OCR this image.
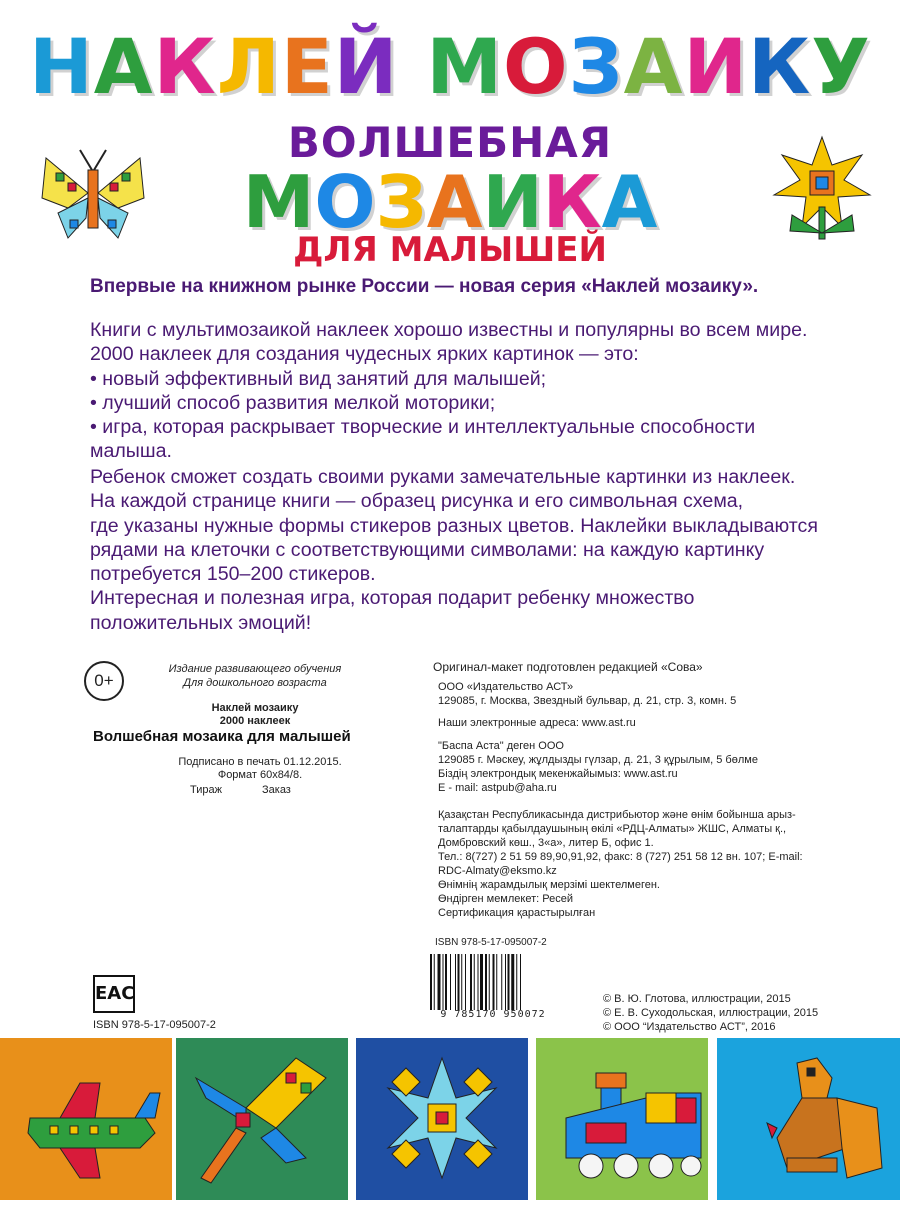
НАКЛЕЙ МОЗАИКУ
ВОЛШЕБНАЯ
МОЗАИКА
ДЛЯ МАЛЫШЕЙ
Впервые на книжном рынке России — новая серия «Наклей мозаику».
Книги с мультимозаикой наклеек хорошо известны и популярны во всем мире.
2000 наклеек для создания чудесных ярких картинок — это:
• новый эффективный вид занятий для малышей;
• лучший способ развития мелкой моторики;
• игра, которая раскрывает творческие и интеллектуальные способности
малыша.
Ребенок сможет создать своими руками замечательные картинки из наклеек.
На каждой странице книги — образец рисунка и его символьная схема,
где указаны нужные формы стикеров разных цветов. Наклейки выкладываются
рядами на клеточки с соответствующими символами: на каждую картинку
потребуется 150–200 стикеров.
Интересная и полезная игра, которая подарит ребенку множество
положительных эмоций!
0+
Издание развивающего обучения
Для дошкольного возраста
Наклей мозаику
2000 наклеек
Волшебная мозаика для малышей
Подписано в печать 01.12.2015.
Формат 60x84/8.
Тираж	Заказ
Оригинал-макет подготовлен редакцией «Сова»
ООО «Издательство АСТ»
129085, г. Москва, Звездный бульвар, д. 21, стр. 3, комн. 5
Наши электронные адреса: www.ast.ru
"Баспа Аста" деген ООО
129085 г. Мәскеу, жұлдызды гүлзар, д. 21, 3 құрылым, 5 бөлме
Біздің электрондық мекенжайымыз: www.ast.ru
E - mail: astpub@aha.ru
Қазақстан Республикасында дистрибьютор және өнім бойынша арыз-
талаптарды қабылдаушының өкілі «РДЦ-Алматы» ЖШС, Алматы қ.,
Домбровский көш., 3«а», литер Б, офис 1.
Тел.: 8(727) 2 51 59 89,90,91,92, факс: 8 (727) 251 58 12 вн. 107; E-mail:
RDC-Almaty@eksmo.kz
Өнімнің жарамдылық мерзімі шектелмеген.
Өндірген мемлекет: Ресей
Сертификация қарастырылған
ISBN 978-5-17-095007-2
9 785170 950072
EAC
ISBN 978-5-17-095007-2
© В. Ю. Глотова, иллюстрации, 2015
© Е. В. Суходольская, иллюстрации, 2015
© ООО “Издательство АСТ”, 2016
